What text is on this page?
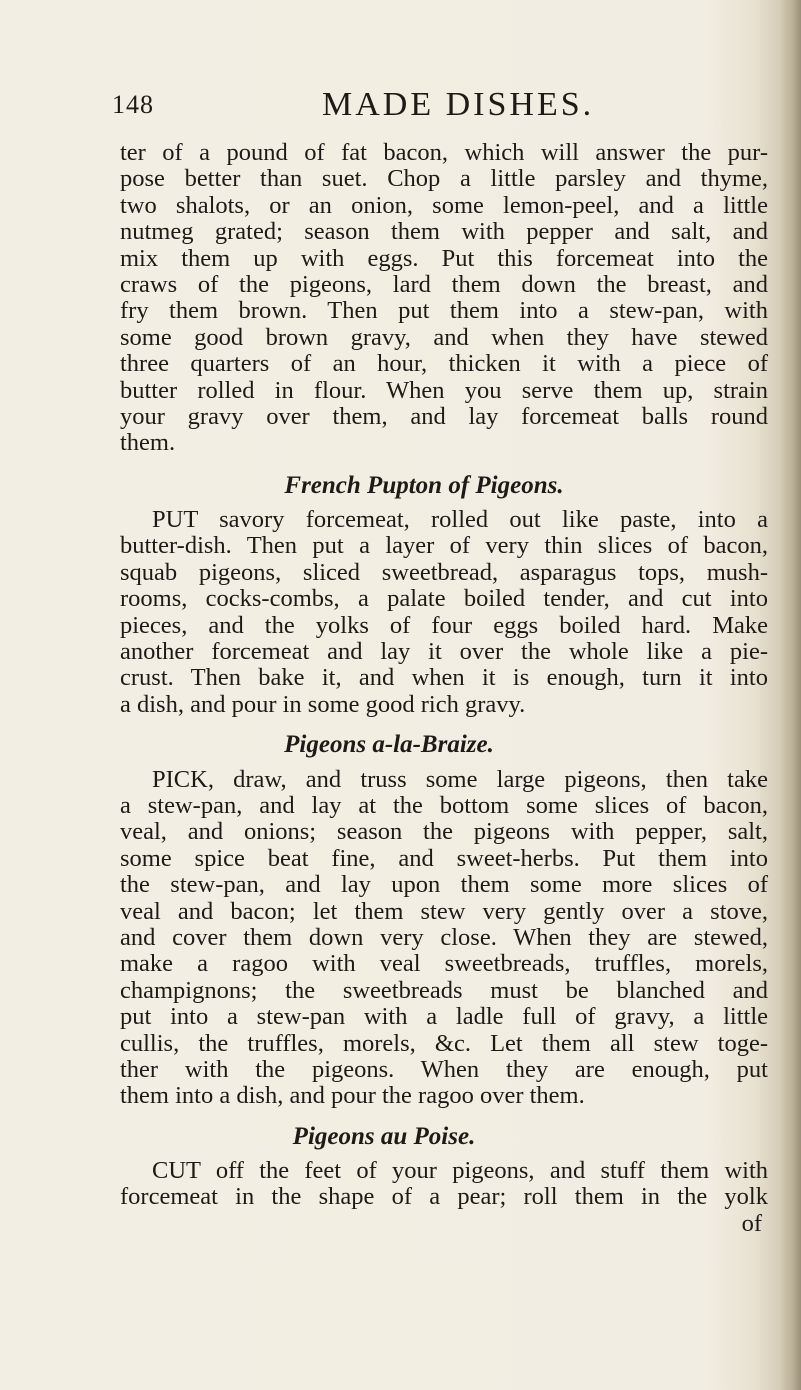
148	MADE DISHES.
ter of a pound of fat bacon, which will answer the pur-
pose better than suet. Chop a little parsley and thyme,
two shalots, or an onion, some lemon-peel, and a little
nutmeg grated; season them with pepper and salt, and
mix them up with eggs. Put this forcemeat into the
craws of the pigeons, lard them down the breast, and
fry them brown. Then put them into a stew-pan, with
some good brown gravy, and when they have stewed
three quarters of an hour, thicken it with a piece of
butter rolled in flour. When you serve them up, strain
your gravy over them, and lay forcemeat balls round
them.
French Pupton of Pigeons.
PUT savory forcemeat, rolled out like paste, into a
butter-dish. Then put a layer of very thin slices of bacon,
squab pigeons, sliced sweetbread, asparagus tops, mush-
rooms, cocks-combs, a palate boiled tender, and cut into
pieces, and the yolks of four eggs boiled hard. Make
another forcemeat and lay it over the whole like a pie-
crust. Then bake it, and when it is enough, turn it into
a dish, and pour in some good rich gravy.
Pigeons a-la-Braize.
PICK, draw, and truss some large pigeons, then take
a stew-pan, and lay at the bottom some slices of bacon,
veal, and onions; season the pigeons with pepper, salt,
some spice beat fine, and sweet-herbs. Put them into
the stew-pan, and lay upon them some more slices of
veal and bacon; let them stew very gently over a stove,
and cover them down very close. When they are stewed,
make a ragoo with veal sweetbreads, truffles, morels,
champignons; the sweetbreads must be blanched and
put into a stew-pan with a ladle full of gravy, a little
cullis, the truffles, morels, &c. Let them all stew toge-
ther with the pigeons. When they are enough, put
them into a dish, and pour the ragoo over them.
Pigeons au Poise.
CUT off the feet of your pigeons, and stuff them with
forcemeat in the shape of a pear; roll them in the yolk
of
